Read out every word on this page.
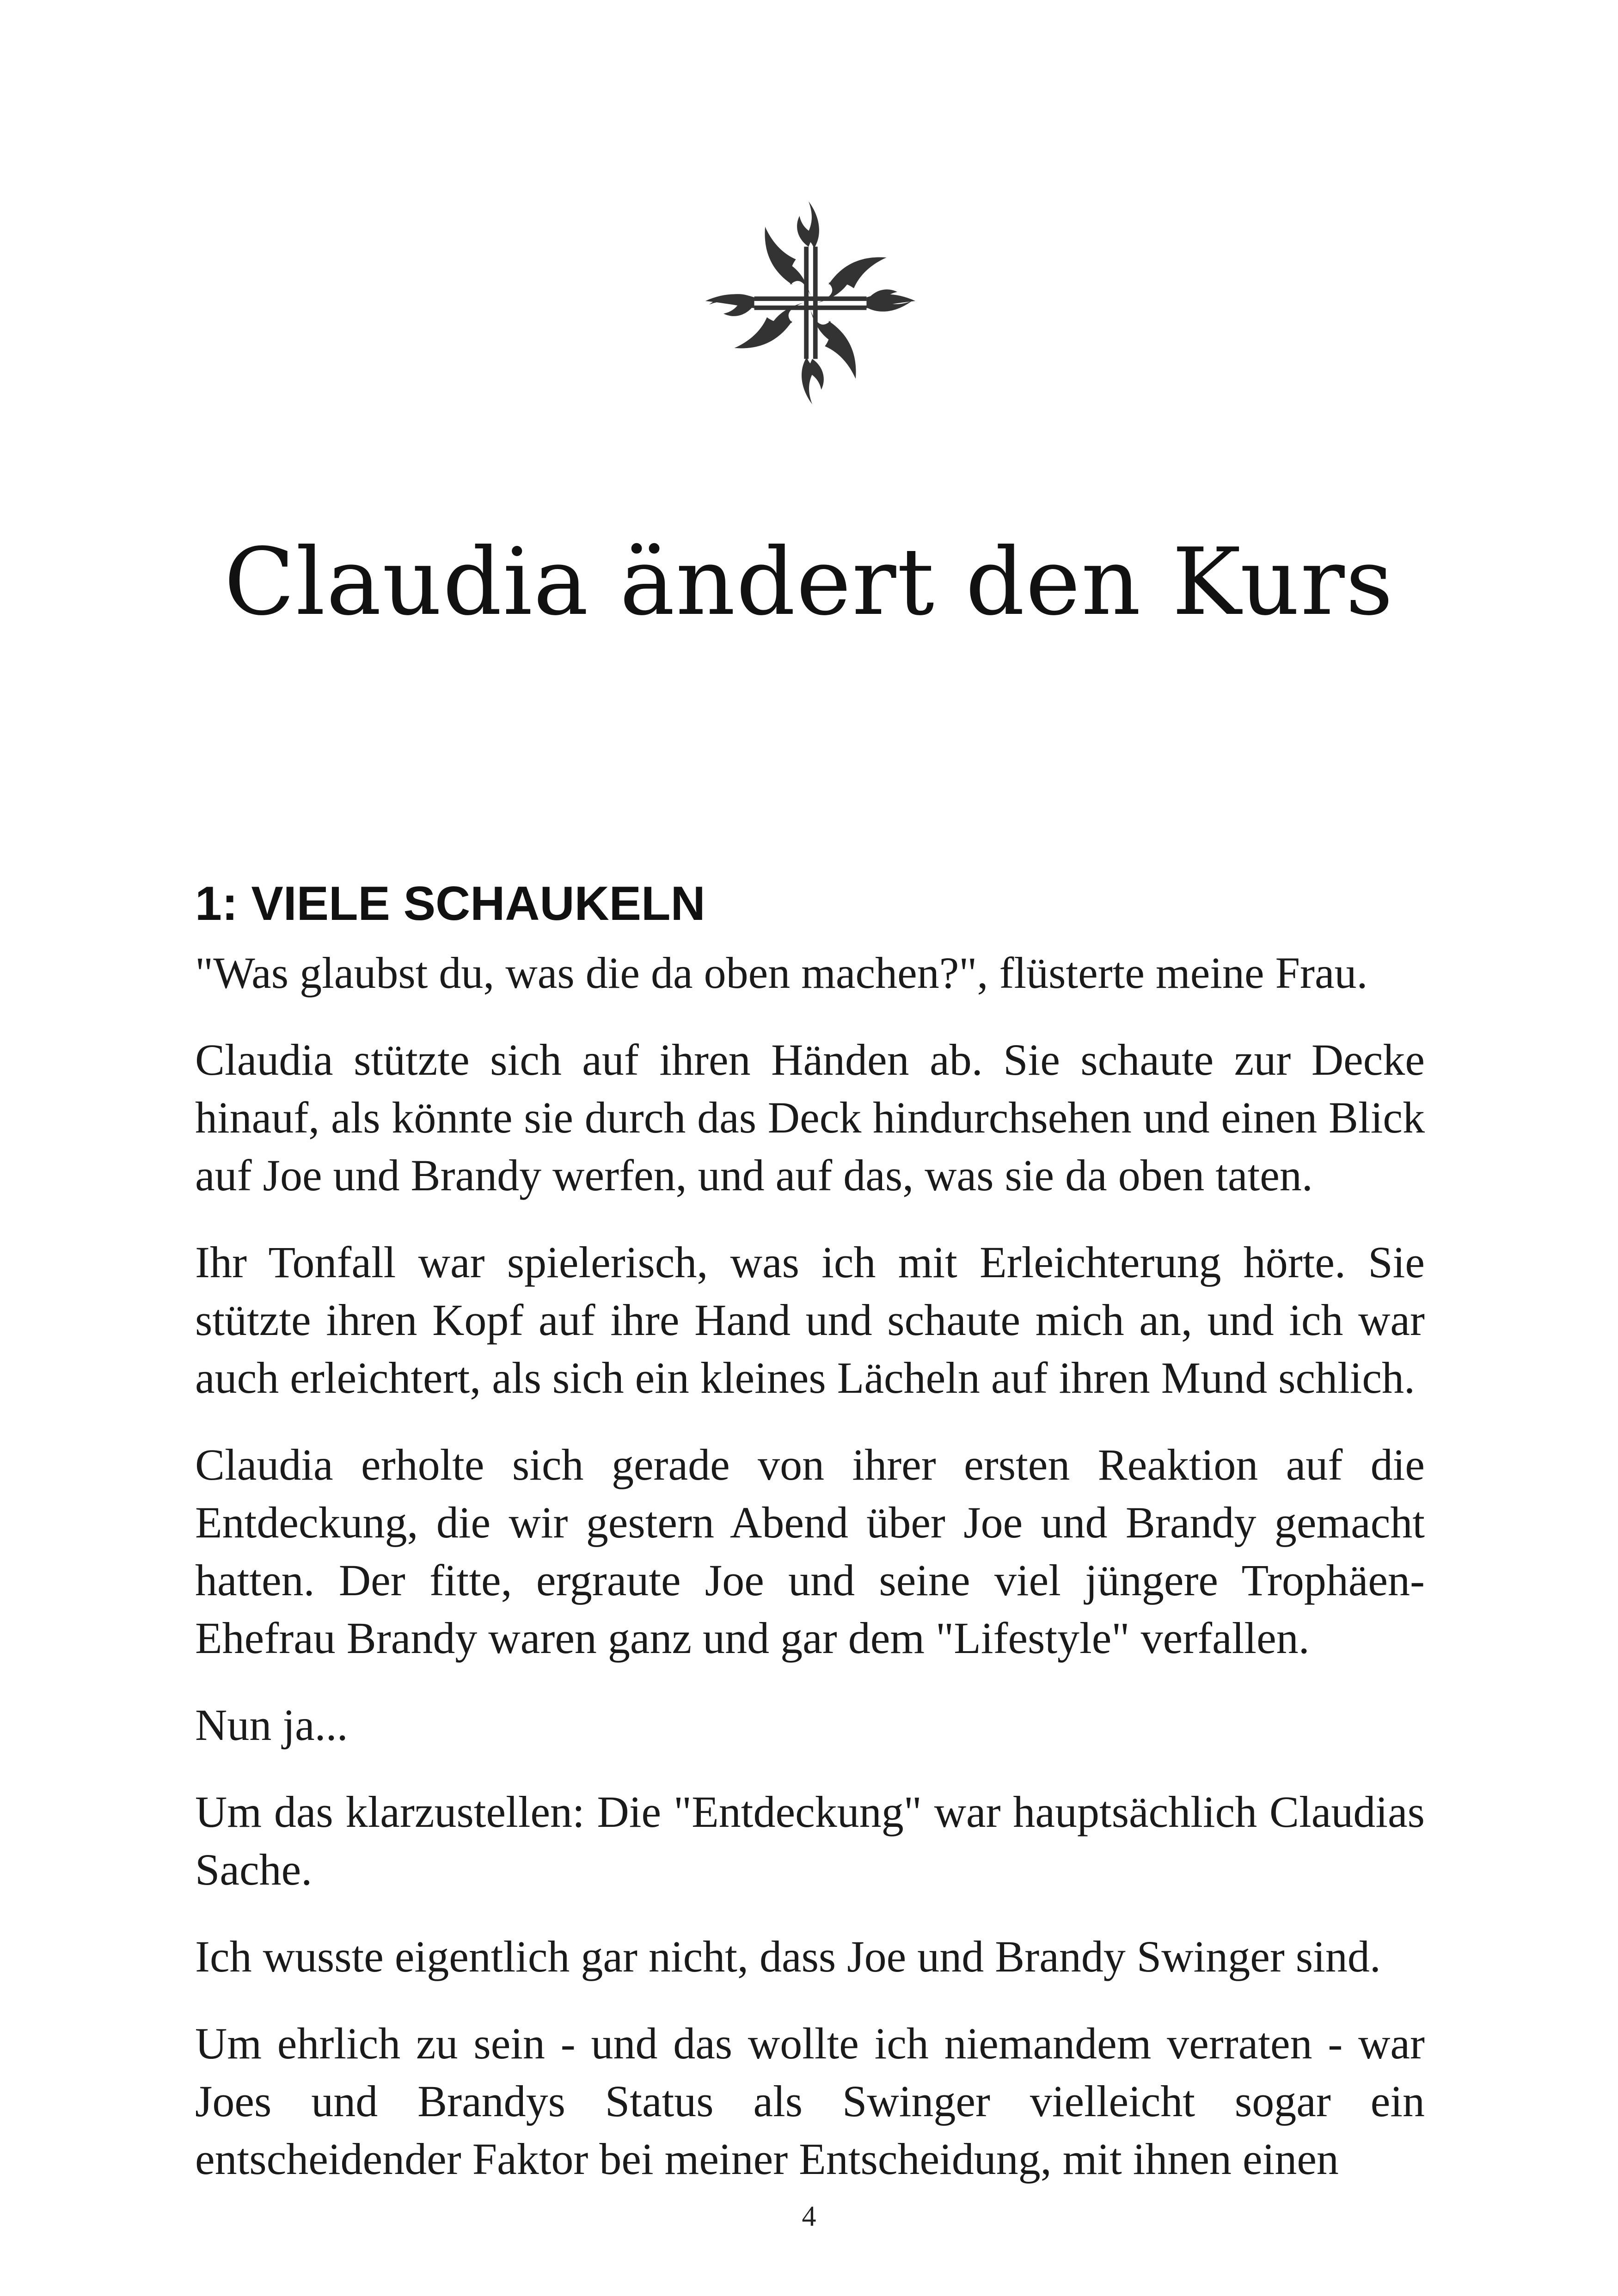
Claudia ändert den Kurs
1: VIELE SCHAUKELN

"Was glaubst du, was die da oben machen?", flüsterte meine Frau.

Claudia stützte sich auf ihren Händen ab. Sie schaute zur Decke hinauf, als könnte sie durch das Deck hindurchsehen und einen Blick auf Joe und Brandy werfen, und auf das, was sie da oben taten.

Ihr Tonfall war spielerisch, was ich mit Erleichterung hörte. Sie stützte ihren Kopf auf ihre Hand und schaute mich an, und ich war auch erleichtert, als sich ein kleines Lächeln auf ihren Mund schlich.

Claudia erholte sich gerade von ihrer ersten Reaktion auf die Entdeckung, die wir gestern Abend über Joe und Brandy gemacht hatten. Der fitte, ergraute Joe und seine viel jüngere Trophäen-Ehefrau Brandy waren ganz und gar dem "Lifestyle" verfallen.

Nun ja...

Um das klarzustellen: Die "Entdeckung" war hauptsächlich Claudias Sache.

Ich wusste eigentlich gar nicht, dass Joe und Brandy Swinger sind.

Um ehrlich zu sein - und das wollte ich niemandem verraten - war Joes und Brandys Status als Swinger vielleicht sogar ein entscheidender Faktor bei meiner Entscheidung, mit ihnen einen

4
